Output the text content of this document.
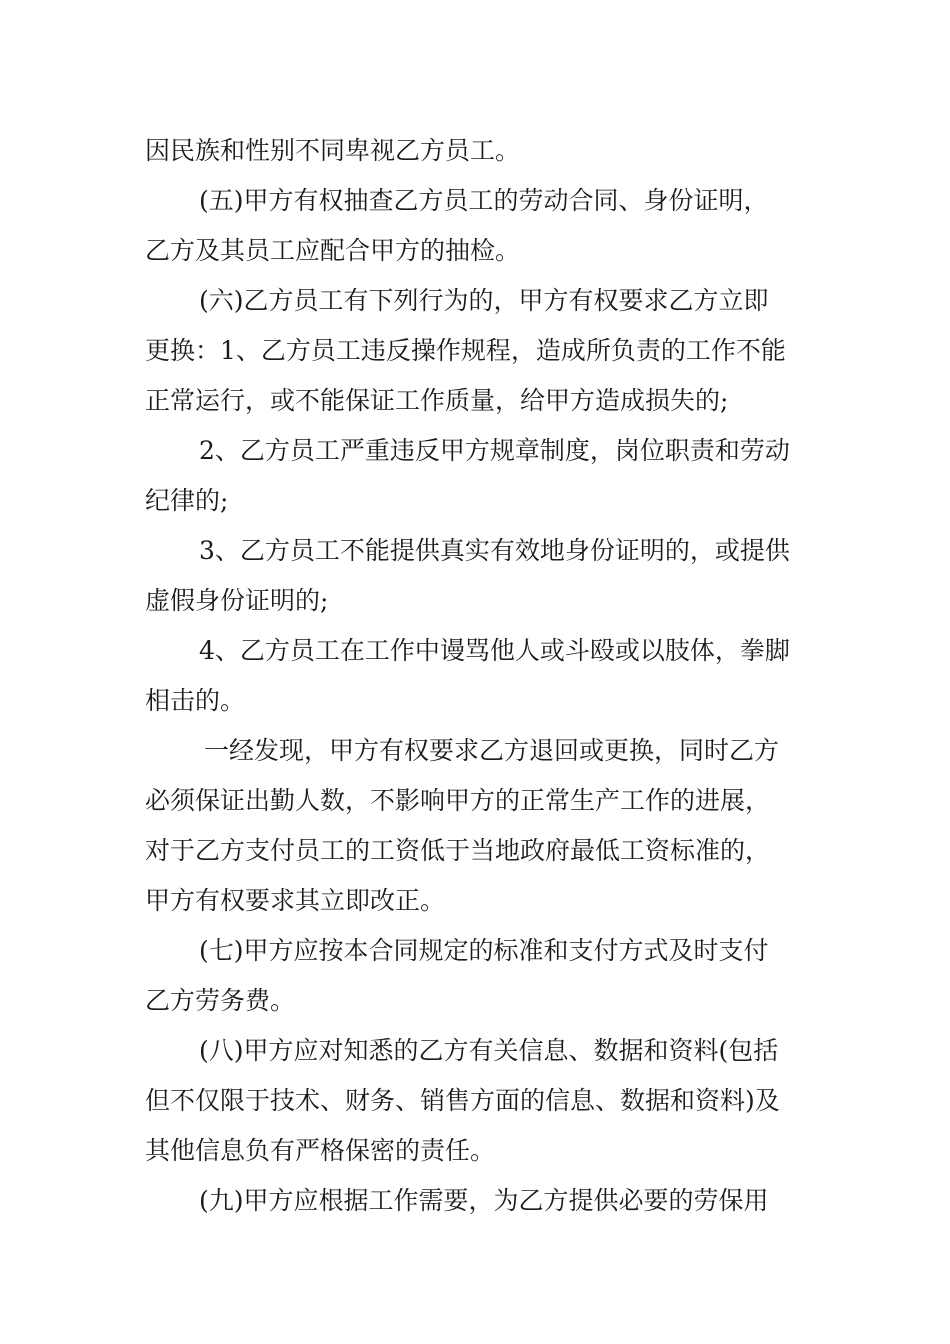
因民族和性别不同卑视乙方员工。

(五)甲方有权抽查乙方员工的劳动合同、身份证明，

乙方及其员工应配合甲方的抽检。

(六)乙方员工有下列行为的，甲方有权要求乙方立即

更换：1、乙方员工违反操作规程，造成所负责的工作不能

正常运行，或不能保证工作质量，给甲方造成损失的;

2、乙方员工严重违反甲方规章制度，岗位职责和劳动

纪律的;

3、乙方员工不能提供真实有效地身份证明的，或提供

虚假身份证明的;

4、乙方员工在工作中谩骂他人或斗殴或以肢体，拳脚

相击的。

一经发现，甲方有权要求乙方退回或更换，同时乙方

必须保证出勤人数，不影响甲方的正常生产工作的进展，

对于乙方支付员工的工资低于当地政府最低工资标准的，

甲方有权要求其立即改正。

(七)甲方应按本合同规定的标准和支付方式及时支付

乙方劳务费。

(八)甲方应对知悉的乙方有关信息、数据和资料(包括

但不仅限于技术、财务、销售方面的信息、数据和资料)及

其他信息负有严格保密的责任。

(九)甲方应根据工作需要，为乙方提供必要的劳保用
